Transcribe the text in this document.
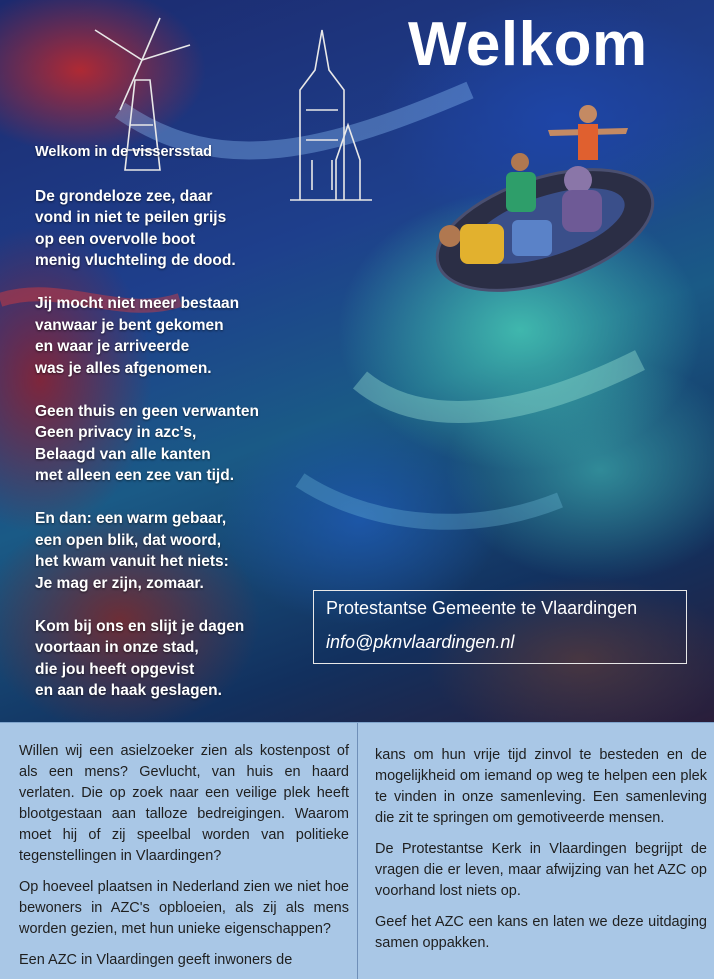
Welkom
Welkom in de vissersstad
De grondeloze zee, daar
vond in niet te peilen grijs
op een overvolle boot
menig vluchteling de dood.
Jij mocht niet meer bestaan
vanwaar je bent gekomen
en waar je arriveerde
was je alles afgenomen.
Geen thuis en geen verwanten
Geen privacy in azc's,
Belaagd van alle kanten
met alleen een zee van tijd.
En dan: een warm gebaar,
een open blik, dat woord,
het kwam vanuit het niets:
Je mag er zijn, zomaar.
Kom bij ons en slijt je dagen
voortaan in onze stad,
die jou heeft opgevist
en aan de haak geslagen.
Protestantse Gemeente te Vlaardingen
info@pknvlaardingen.nl

Willen wij een asielzoeker zien als kostenpost of als een mens? Gevlucht, van huis en haard verlaten. Die op zoek naar een veilige plek heeft blootgestaan aan talloze bedreigingen. Waarom moet hij of zij speelbal worden van politieke tegenstellingen in Vlaardingen?

Op hoeveel plaatsen in Nederland zien we niet hoe bewoners in AZC's opbloeien, als zij als mens worden gezien, met hun unieke eigenschappen?

Een AZC in Vlaardingen geeft inwoners de

kans om hun vrije tijd zinvol te besteden en de mogelijkheid om iemand op weg te helpen een plek te vinden in onze samenleving. Een samenleving die zit te springen om gemotiveerde mensen.

De Protestantse Kerk in Vlaardingen begrijpt de vragen die er leven, maar afwijzing van het AZC op voorhand lost niets op.

Geef het AZC een kans en laten we deze uitdaging samen oppakken.
